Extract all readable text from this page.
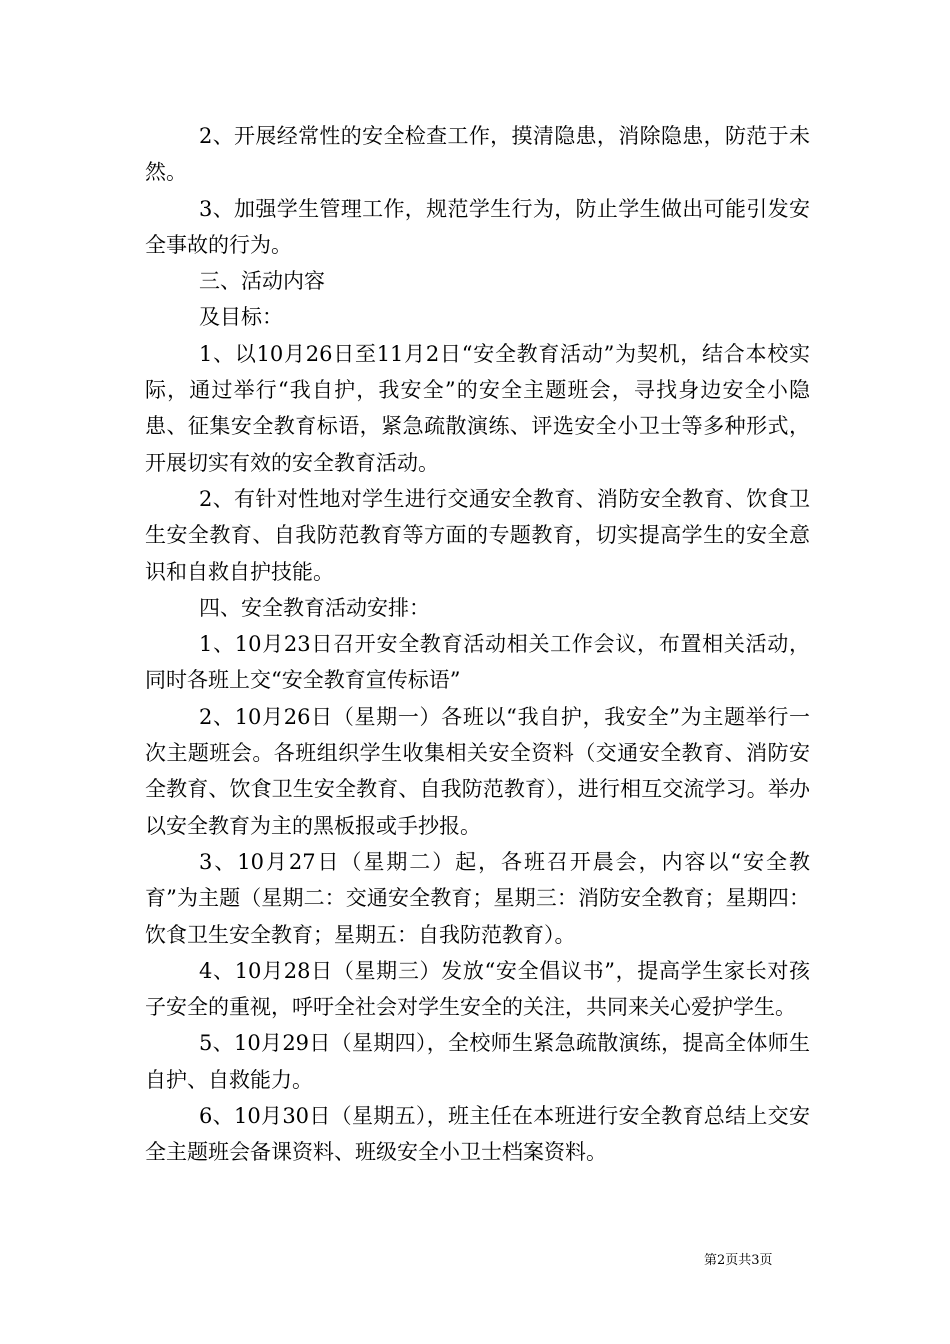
2、开展经常性的安全检查工作，摸清隐患，消除隐患，防范于未然。

3、加强学生管理工作，规范学生行为，防止学生做出可能引发安全事故的行为。

三、活动内容

及目标：

1、以10月26日至11月2日“安全教育活动”为契机，结合本校实际，通过举行“我自护，我安全”的安全主题班会，寻找身边安全小隐患、征集安全教育标语，紧急疏散演练、评选安全小卫士等多种形式，开展切实有效的安全教育活动。

2、有针对性地对学生进行交通安全教育、消防安全教育、饮食卫生安全教育、自我防范教育等方面的专题教育，切实提高学生的安全意识和自救自护技能。

四、安全教育活动安排：

1、10月23日召开安全教育活动相关工作会议，布置相关活动，同时各班上交“安全教育宣传标语”

2、10月26日（星期一）各班以“我自护，我安全”为主题举行一次主题班会。各班组织学生收集相关安全资料（交通安全教育、消防安全教育、饮食卫生安全教育、自我防范教育），进行相互交流学习。举办以安全教育为主的黑板报或手抄报。

3、10月27日（星期二）起，各班召开晨会，内容以“安全教育”为主题（星期二：交通安全教育；星期三：消防安全教育；星期四：饮食卫生安全教育；星期五：自我防范教育）。

4、10月28日（星期三）发放“安全倡议书”，提高学生家长对孩子安全的重视，呼吁全社会对学生安全的关注，共同来关心爱护学生。

5、10月29日（星期四），全校师生紧急疏散演练，提高全体师生自护、自救能力。

6、10月30日（星期五），班主任在本班进行安全教育总结上交安全主题班会备课资料、班级安全小卫士档案资料。

第2页共3页
